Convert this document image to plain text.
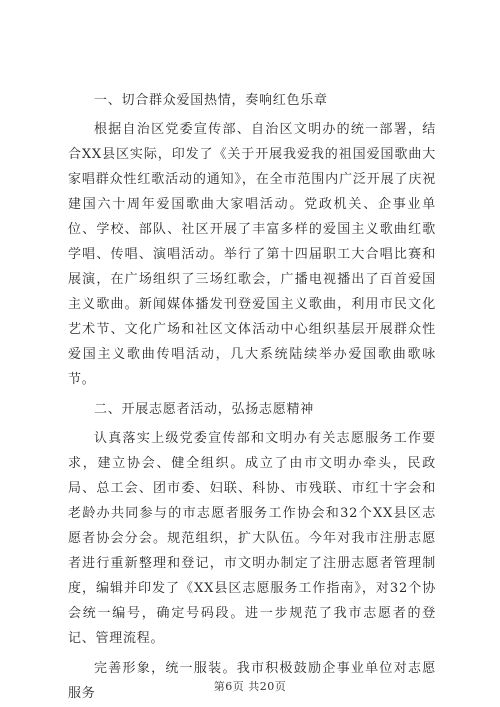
一、切合群众爱国热情，奏响红色乐章

根据自治区党委宣传部、自治区文明办的统一部署，结合XX县区实际，印发了《关于开展我爱我的祖国爱国歌曲大家唱群众性红歌活动的通知》，在全市范围内广泛开展了庆祝建国六十周年爱国歌曲大家唱活动。党政机关、企事业单位、学校、部队、社区开展了丰富多样的爱国主义歌曲红歌学唱、传唱、演唱活动。举行了第十四届职工大合唱比赛和展演，在广场组织了三场红歌会，广播电视播出了百首爱国主义歌曲。新闻媒体播发刊登爱国主义歌曲，利用市民文化艺术节、文化广场和社区文体活动中心组织基层开展群众性爱国主义歌曲传唱活动，几大系统陆续举办爱国歌曲歌咏节。

二、开展志愿者活动，弘扬志愿精神

认真落实上级党委宣传部和文明办有关志愿服务工作要求，建立协会、健全组织。成立了由市文明办牵头，民政局、总工会、团市委、妇联、科协、市残联、市红十字会和老龄办共同参与的市志愿者服务工作协会和32个XX县区志愿者协会分会。规范组织，扩大队伍。今年对我市注册志愿者进行重新整理和登记，市文明办制定了注册志愿者管理制度，编辑并印发了《XX县区志愿服务工作指南》，对32个协会统一编号，确定号码段。进一步规范了我市志愿者的登记、管理流程。

完善形象，统一服装。我市积极鼓励企事业单位对志愿服务	第6页 共20页
